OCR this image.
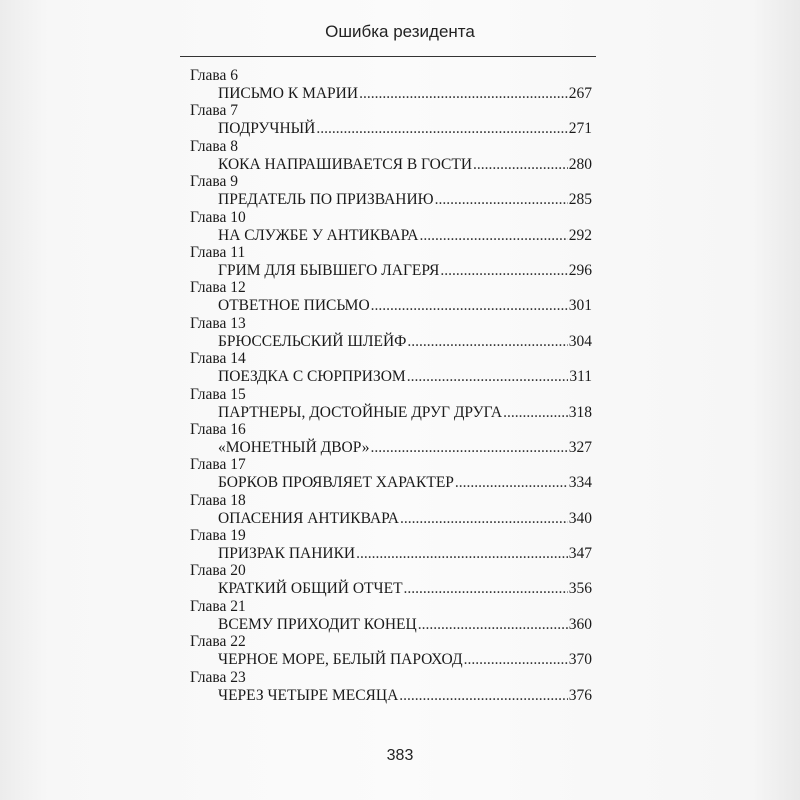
Ошибка резидента
Глава 6
ПИСЬМО К МАРИИ .....	267
Глава 7
ПОДРУЧНЫЙ .....	271
Глава 8
КОКА НАПРАШИВАЕТСЯ В ГОСТИ .....	280
Глава 9
ПРЕДАТЕЛЬ ПО ПРИЗВАНИЮ .....	285
Глава 10
НА СЛУЖБЕ У АНТИКВАРА .....	292
Глава 11
ГРИМ ДЛЯ БЫВШЕГО ЛАГЕРЯ .....	296
Глава 12
ОТВЕТНОЕ ПИСЬМО .....	301
Глава 13
БРЮССЕЛЬСКИЙ ШЛЕЙФ .....	304
Глава 14
ПОЕЗДКА С СЮРПРИЗОМ .....	311
Глава 15
ПАРТНЕРЫ, ДОСТОЙНЫЕ ДРУГ ДРУГА .....	318
Глава 16
«МОНЕТНЫЙ ДВОР» .....	327
Глава 17
БОРКОВ ПРОЯВЛЯЕТ ХАРАКТЕР .....	334
Глава 18
ОПАСЕНИЯ АНТИКВАРА .....	340
Глава 19
ПРИЗРАК ПАНИКИ .....	347
Глава 20
КРАТКИЙ ОБЩИЙ ОТЧЕТ .....	356
Глава 21
ВСЕМУ ПРИХОДИТ КОНЕЦ .....	360
Глава 22
ЧЕРНОЕ МОРЕ, БЕЛЫЙ ПАРОХОД .....	370
Глава 23
ЧЕРЕЗ ЧЕТЫРЕ МЕСЯЦА .....	376
383
